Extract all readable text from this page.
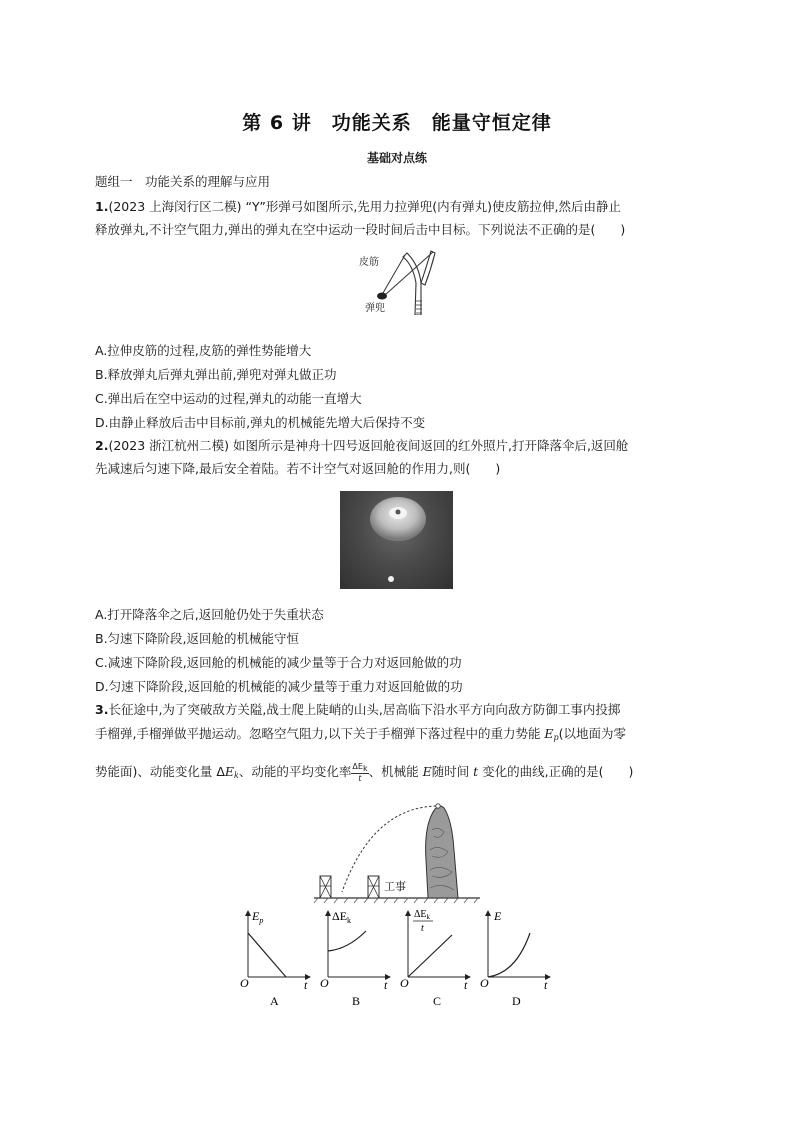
第 6 讲　功能关系　能量守恒定律
基础对点练
题组一　功能关系的理解与应用
1.(2023 上海闵行区二模) “Y”形弹弓如图所示,先用力拉弹兜(内有弹丸)使皮筋拉伸,然后由静止
释放弹丸,不计空气阻力,弹出的弹丸在空中运动一段时间后击中目标。下列说法不正确的是(　　)
皮筋
弹兜
A.拉伸皮筋的过程,皮筋的弹性势能增大
B.释放弹丸后弹丸弹出前,弹兜对弹丸做正功
C.弹出后在空中运动的过程,弹丸的动能一直增大
D.由静止释放后击中目标前,弹丸的机械能先增大后保持不变
2.(2023 浙江杭州二模) 如图所示是神舟十四号返回舱夜间返回的红外照片,打开降落伞后,返回舱
先减速后匀速下降,最后安全着陆。若不计空气对返回舱的作用力,则(　　)
A.打开降落伞之后,返回舱仍处于失重状态
B.匀速下降阶段,返回舱的机械能守恒
C.减速下降阶段,返回舱的机械能的减少量等于合力对返回舱做的功
D.匀速下降阶段,返回舱的机械能的减少量等于重力对返回舱做的功
3.长征途中,为了突破敌方关隘,战士爬上陡峭的山头,居高临下沿水平方向向敌方防御工事内投掷
手榴弹,手榴弹做平抛运动。忽略空气阻力,以下关于手榴弹下落过程中的重力势能 $E_p$(以地面为零
势能面)、动能变化量 $\Delta E_k$、动能的平均变化率 $\frac{\text{ΔEk}}{t}$ 、机械能 E随时间 t 变化的曲线,正确的是(　　)
工事
$E_p$
O	t
A
$\Delta E_k$
O	t
B
$\Delta E_k$
t
O	t
C
E
O	t
D
